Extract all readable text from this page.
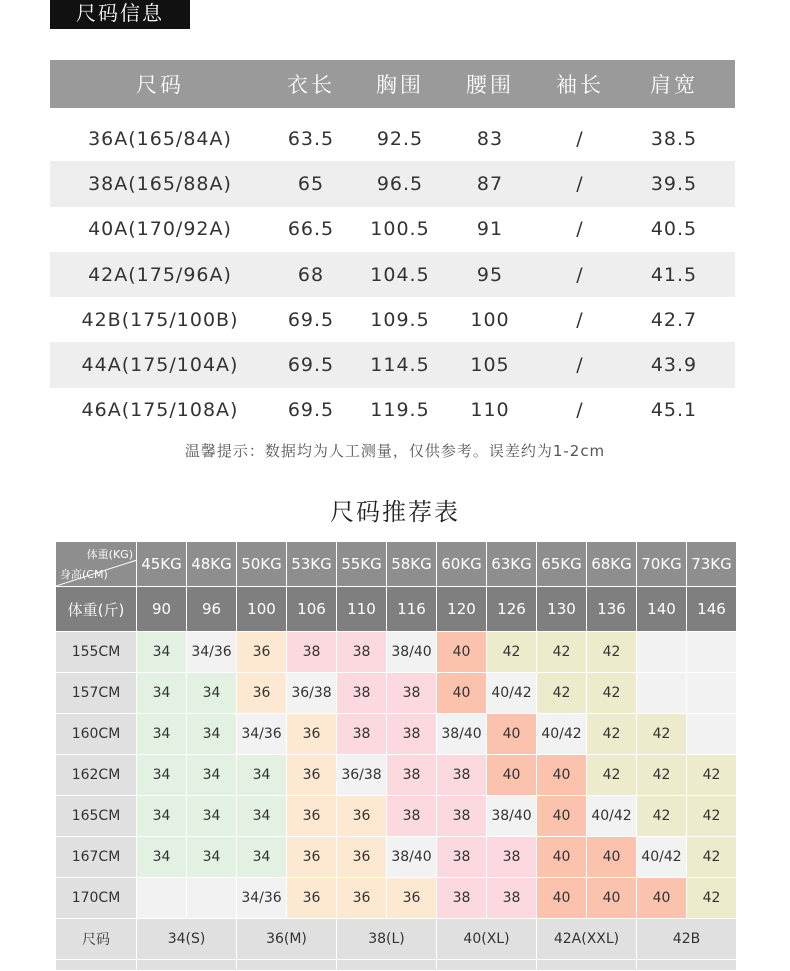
尺码信息
尺码	衣长	胸围	腰围	袖长	肩宽
36A(165/84A)	63.5	92.5	83	/	38.5
38A(165/88A)	65	96.5	87	/	39.5
40A(170/92A)	66.5	100.5	91	/	40.5
42A(175/96A)	68	104.5	95	/	41.5
42B(175/100B)	69.5	109.5	100	/	42.7
44A(175/104A)	69.5	114.5	105	/	43.9
46A(175/108A)	69.5	119.5	110	/	45.1
温馨提示：数据均为人工测量，仅供参考。误差约为1-2cm
尺码推荐表
体重(KG)
身高(CM)	45KG	48KG	50KG	53KG	55KG	58KG	60KG	63KG	65KG	68KG	70KG	73KG
体重(斤)	90	96	100	106	110	116	120	126	130	136	140	146
155CM	34	34/36	36	38	38	38/40	40	42	42	42		
157CM	34	34	36	36/38	38	38	40	40/42	42	42		
160CM	34	34	34/36	36	38	38	38/40	40	40/42	42	42	
162CM	34	34	34	36	36/38	38	38	40	40	42	42	42
165CM	34	34	34	36	36	38	38	38/40	40	40/42	42	42
167CM	34	34	34	36	36	38/40	38	38	40	40	40/42	42
170CM			34/36	36	36	36	38	38	40	40	40	42
尺码	34(S)		36(M)		38(L)		40(XL)		42A(XXL)		42B	
